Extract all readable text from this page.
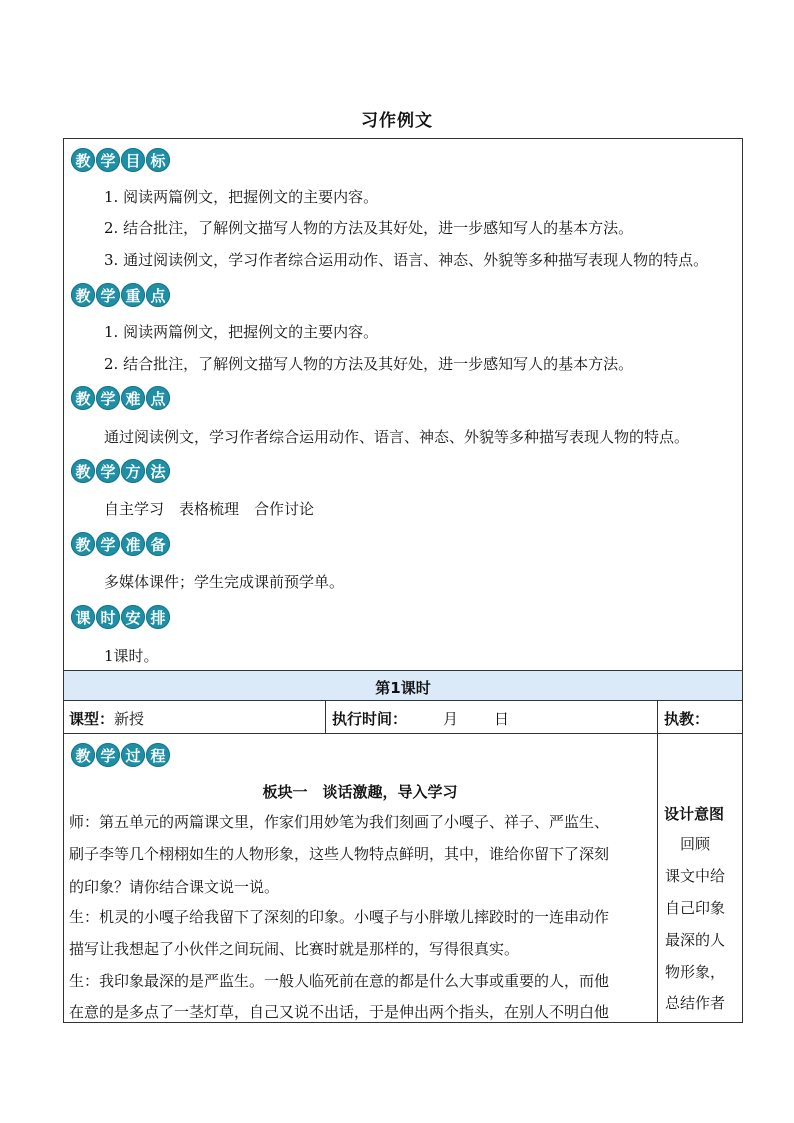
习作例文
教 学 目 标
1. 阅读两篇例文，把握例文的主要内容。
2. 结合批注，了解例文描写人物的方法及其好处，进一步感知写人的基本方法。
3. 通过阅读例文，学习作者综合运用动作、语言、神态、外貌等多种描写表现人物的特点。
教 学 重 点
1. 阅读两篇例文，把握例文的主要内容。
2. 结合批注，了解例文描写人物的方法及其好处，进一步感知写人的基本方法。
教 学 难 点
通过阅读例文，学习作者综合运用动作、语言、神态、外貌等多种描写表现人物的特点。
教 学 方 法
自主学习　表格梳理　合作讨论
教 学 准 备
多媒体课件；学生完成课前预学单。
课 时 安 排
1课时。
第1课时
课型：新授	执行时间： 月 日	执教：
教 学 过 程
板块一　谈话激趣，导入学习
师：第五单元的两篇课文里，作家们用妙笔为我们刻画了小嘎子、祥子、严监生、
刷子李等几个栩栩如生的人物形象，这些人物特点鲜明，其中，谁给你留下了深刻
的印象？请你结合课文说一说。
生：机灵的小嘎子给我留下了深刻的印象。小嘎子与小胖墩儿摔跤时的一连串动作
描写让我想起了小伙伴之间玩闹、比赛时就是那样的，写得很真实。
生：我印象最深的是严监生。一般人临死前在意的都是什么大事或重要的人，而他
在意的是多点了一茎灯草，自己又说不出话，于是伸出两个指头，在别人不明白他
设计意图
　回顾
课文中给
自己印象
最深的人
物形象，
总结作者
